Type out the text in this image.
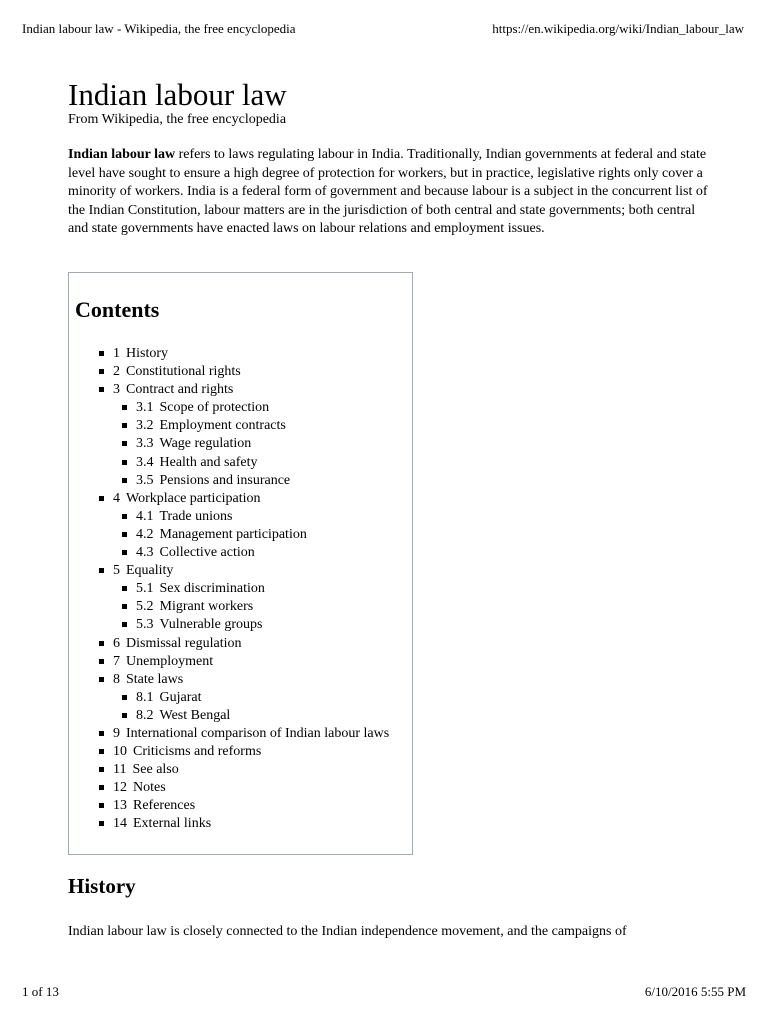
Indian labour law - Wikipedia, the free encyclopedia	https://en.wikipedia.org/wiki/Indian_labour_law
Indian labour law
From Wikipedia, the free encyclopedia

Indian labour law refers to laws regulating labour in India. Traditionally, Indian governments at federal and state level have sought to ensure a high degree of protection for workers, but in practice, legislative rights only cover a minority of workers. India is a federal form of government and because labour is a subject in the concurrent list of the Indian Constitution, labour matters are in the jurisdiction of both central and state governments; both central and state governments have enacted laws on labour relations and employment issues.

Contents
1 History
2 Constitutional rights
3 Contract and rights
3.1 Scope of protection
3.2 Employment contracts
3.3 Wage regulation
3.4 Health and safety
3.5 Pensions and insurance
4 Workplace participation
4.1 Trade unions
4.2 Management participation
4.3 Collective action
5 Equality
5.1 Sex discrimination
5.2 Migrant workers
5.3 Vulnerable groups
6 Dismissal regulation
7 Unemployment
8 State laws
8.1 Gujarat
8.2 West Bengal
9 International comparison of Indian labour laws
10 Criticisms and reforms
11 See also
12 Notes
13 References
14 External links
History

Indian labour law is closely connected to the Indian independence movement, and the campaigns of

1 of 13	6/10/2016 5:55 PM
